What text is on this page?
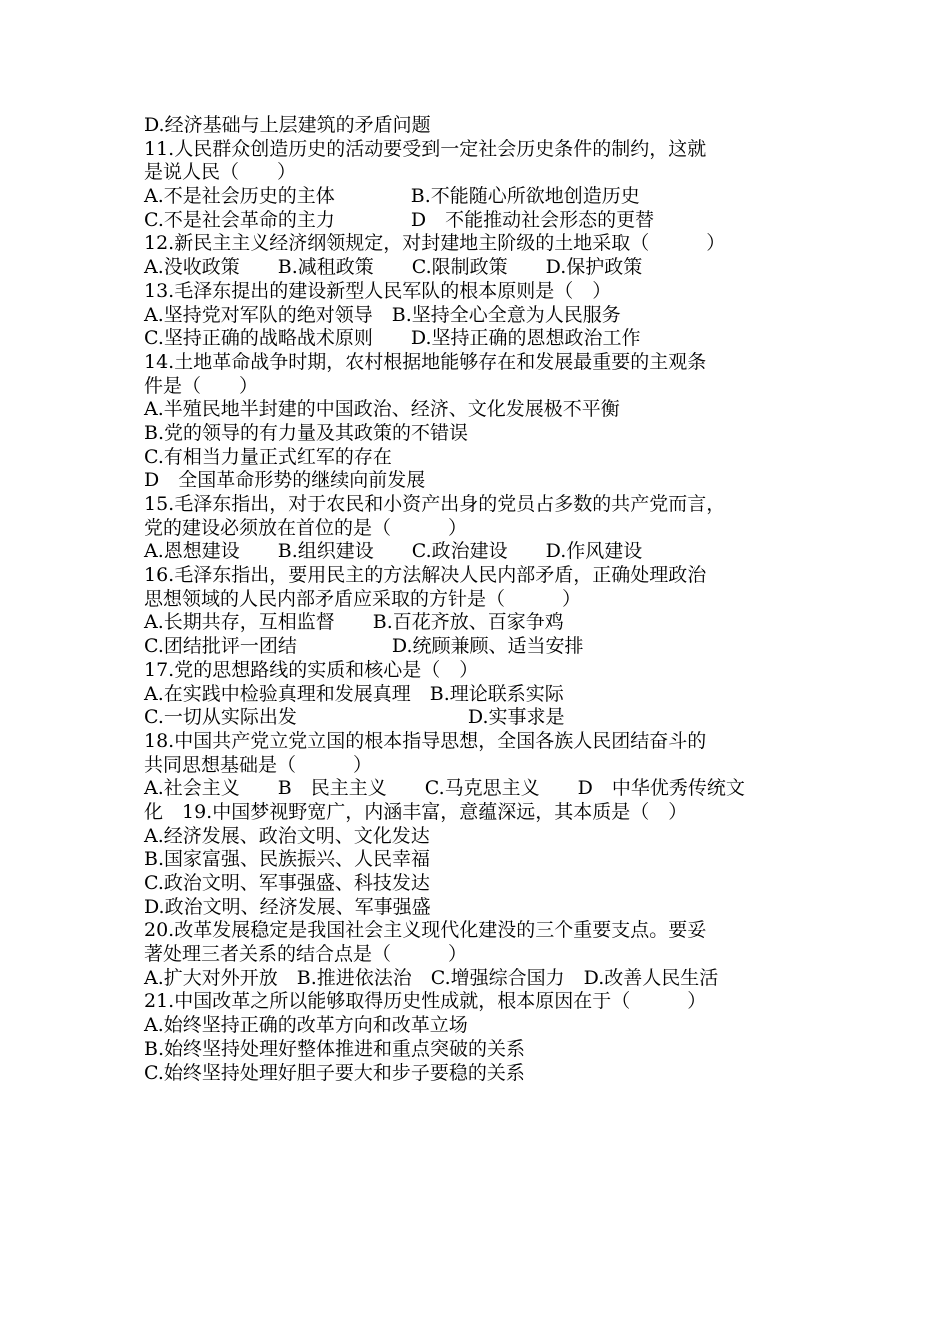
D.经济基础与上层建筑的矛盾问题
11.人民群众创造历史的活动要受到一定社会历史条件的制约，这就
是说人民（　　）
A.不是社会历史的主体　　　　B.不能随心所欲地创造历史
C.不是社会革命的主力　　　　D　不能推动社会形态的更替
12.新民主主义经济纲领规定，对封建地主阶级的土地采取（　　　）
A.没收政策　　B.减租政策　　C.限制政策　　D.保护政策
13.毛泽东提出的建设新型人民军队的根本原则是（　）
A.坚持党对军队的绝对领导　B.坚持全心全意为人民服务
C.坚持正确的战略战术原则　　D.坚持正确的恩想政治工作
14.土地革命战争时期，农村根据地能够存在和发展最重要的主观条
件是（　　）
A.半殖民地半封建的中国政治、经济、文化发展极不平衡
B.党的领导的有力量及其政策的不错误
C.有相当力量正式红军的存在
D　全国革命形势的继续向前发展
15.毛泽东指出，对于农民和小资产出身的党员占多数的共产党而言，
党的建设必须放在首位的是（　　　）
A.恩想建设　　B.组织建设　　C.政治建设　　D.作风建设
16.毛泽东指出，要用民主的方法解决人民内部矛盾，正确处理政治
思想领域的人民内部矛盾应采取的方针是（　　　）
A.长期共存，互相监督　　B.百花齐放、百家争鸡
C.团结批评一团结　　　　　D.统顾兼顾、适当安排
17.党的思想路线的实质和核心是（　）
A.在实践中检验真理和发展真理　B.理论联系实际
C.一切从实际出发　　　　　　　　　D.实事求是
18.中国共产党立党立国的根本指导思想，全国各族人民团结奋斗的
共同思想基础是（　　　）
A.社会主义　　B　民主主义　　C.马克思主义　　D　中华优秀传统文
化　19.中国梦视野宽广，内涵丰富，意蕴深远，其本质是（　）
A.经济发展、政治文明、文化发达
B.国家富强、民族振兴、人民幸福
C.政治文明、军事强盛、科技发达
D.政治文明、经济发展、军事强盛
20.改革发展稳定是我国社会主义现代化建没的三个重要支点。要妥
著处理三者关系的结合点是（　　　）
A.扩大对外开放　B.推进依法治　C.增强综合国力　D.改善人民生活
21.中国改革之所以能够取得历史性成就，根本原因在于（　　　）
A.始终坚持正确的改革方向和改革立场
B.始终坚持处理好整体推进和重点突破的关系
C.始终坚持处理好胆子要大和步子要稳的关系
